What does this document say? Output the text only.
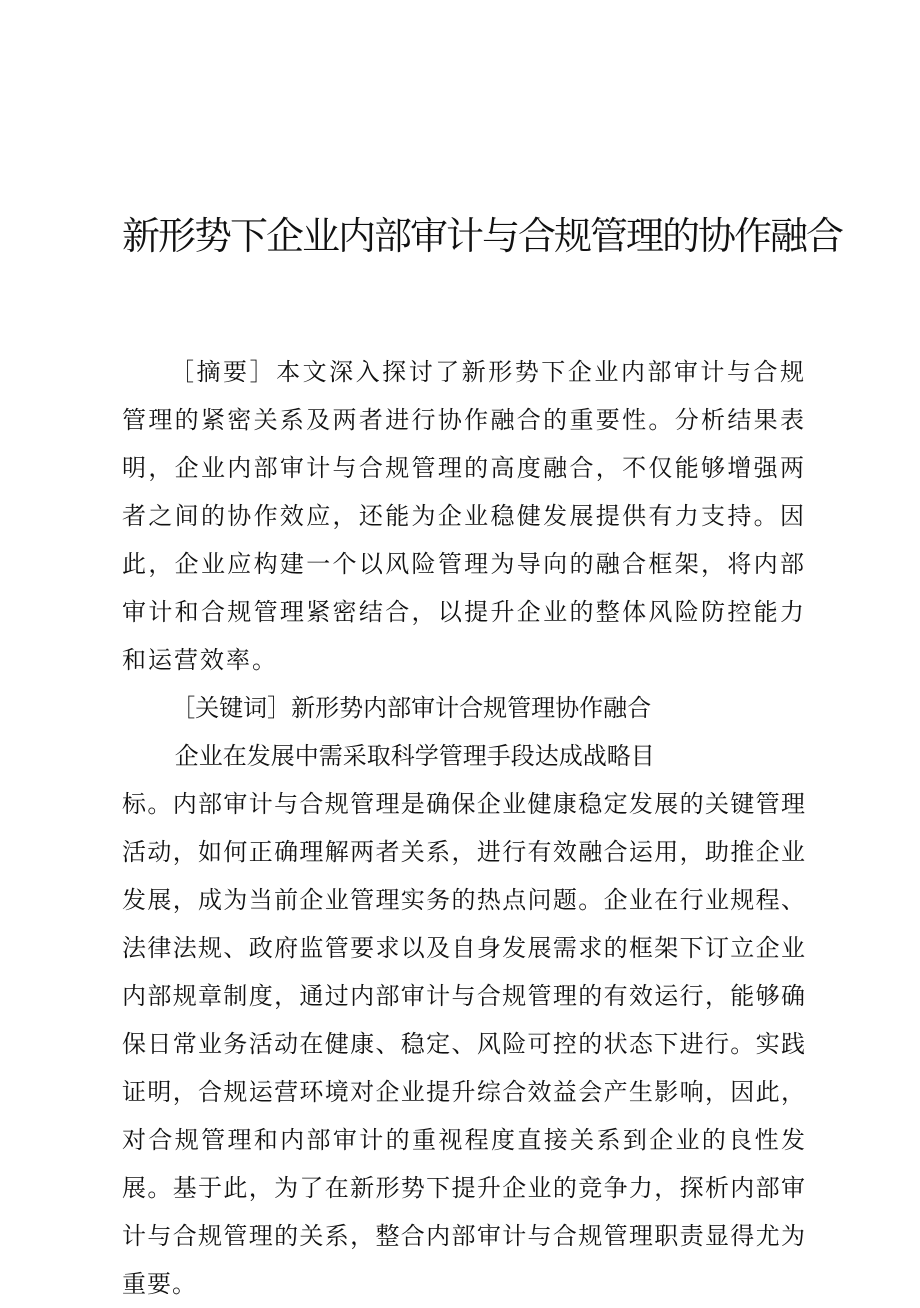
新形势下企业内部审计与合规管理的协作融合

［摘要］本文深入探讨了新形势下企业内部审计与合规管理的紧密关系及两者进行协作融合的重要性。分析结果表明，企业内部审计与合规管理的高度融合，不仅能够增强两者之间的协作效应，还能为企业稳健发展提供有力支持。因此，企业应构建一个以风险管理为导向的融合框架，将内部审计和合规管理紧密结合，以提升企业的整体风险防控能力和运营效率。

［关键词］新形势内部审计合规管理协作融合

企业在发展中需采取科学管理手段达成战略目

标。内部审计与合规管理是确保企业健康稳定发展的关键管理活动，如何正确理解两者关系，进行有效融合运用，助推企业发展，成为当前企业管理实务的热点问题。企业在行业规程、法律法规、政府监管要求以及自身发展需求的框架下订立企业内部规章制度，通过内部审计与合规管理的有效运行，能够确保日常业务活动在健康、稳定、风险可控的状态下进行。实践证明，合规运营环境对企业提升综合效益会产生影响，因此，对合规管理和内部审计的重视程度直接关系到企业的良性发展。基于此，为了在新形势下提升企业的竞争力，探析内部审计与合规管理的关系，整合内部审计与合规管理职责显得尤为重要。
